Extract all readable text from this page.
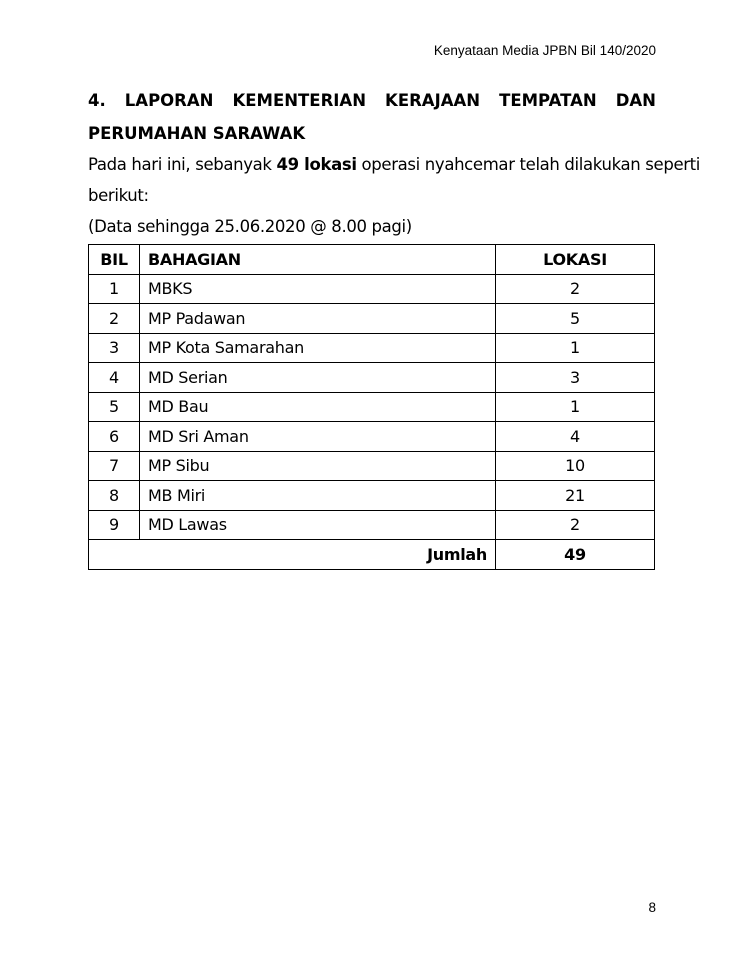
Kenyataan Media JPBN Bil 140/2020
4. LAPORAN KEMENTERIAN KERAJAAN TEMPATAN DAN
PERUMAHAN SARAWAK
Pada hari ini, sebanyak 49 lokasi operasi nyahcemar telah dilakukan seperti
berikut:
(Data sehingga 25.06.2020 @ 8.00 pagi)
BIL	BAHAGIAN	LOKASI
1	MBKS	2
2	MP Padawan	5
3	MP Kota Samarahan	1
4	MD Serian	3
5	MD Bau	1
6	MD Sri Aman	4
7	MP Sibu	10
8	MB Miri	21
9	MD Lawas	2
Jumlah		49
8
